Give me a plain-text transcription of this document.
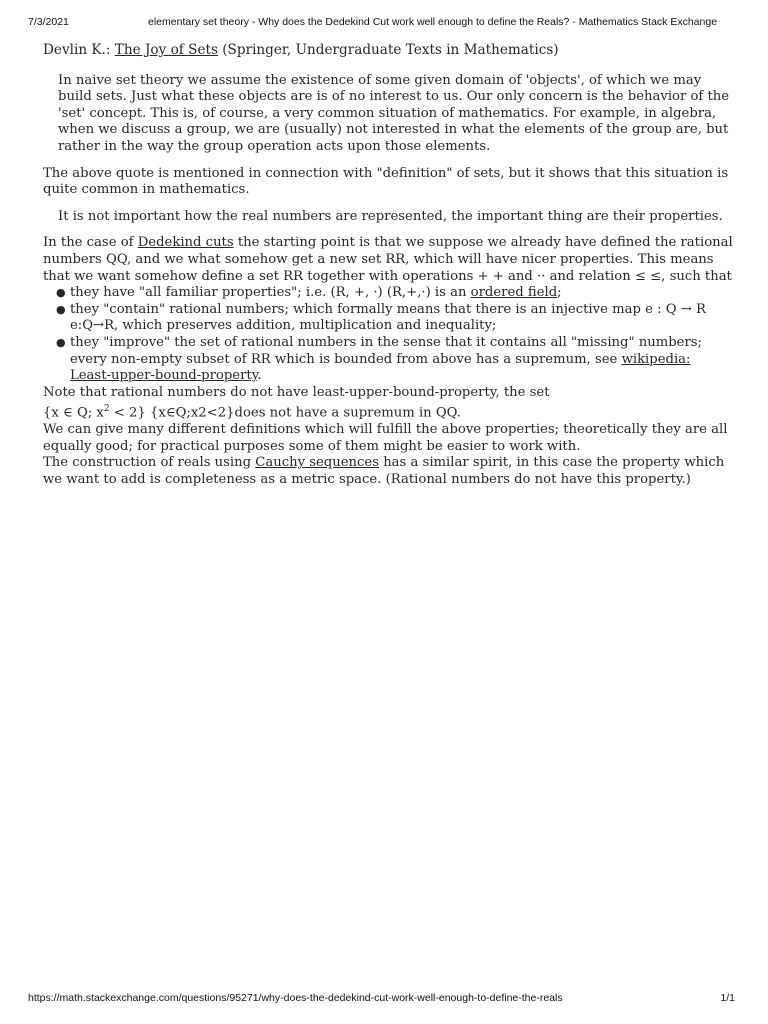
7/3/2021	elementary set theory - Why does the Dedekind Cut work well enough to define the Reals? - Mathematics Stack Exchange

Devlin K.: The Joy of Sets (Springer, Undergraduate Texts in Mathematics)

In naive set theory we assume the existence of some given domain of 'objects', of which we may build sets. Just what these objects are is of no interest to us. Our only concern is the behavior of the 'set' concept. This is, of course, a very common situation of mathematics. For example, in algebra, when we discuss a group, we are (usually) not interested in what the elements of the group are, but rather in the way the group operation acts upon those elements.

The above quote is mentioned in connection with "definition" of sets, but it shows that this situation is quite common in mathematics.

It is not important how the real numbers are represented, the important thing are their properties.

In the case of Dedekind cuts the starting point is that we suppose we already have defined the rational numbers QQ, and we what somehow get a new set RR, which will have nicer properties. This means that we want somehow define a set RR together with operations + + and ·· and relation ≤ ≤, such that

● they have "all familiar properties"; i.e. (R, +, ·) (R,+,·) is an ordered field;
● they "contain" rational numbers; which formally means that there is an injective map e : Q → R e:Q→R, which preserves addition, multiplication and inequality;
● they "improve" the set of rational numbers in the sense that it contains all "missing" numbers; every non-empty subset of RR which is bounded from above has a supremum, see wikipedia: Least-upper-bound-property.

Note that rational numbers do not have least-upper-bound-property, the set

{x ∈ Q; $x^2 < 2$} {x∈Q;x2<2}does not have a supremum in QQ.

We can give many different definitions which will fulfill the above properties; theoretically they are all equally good; for practical purposes some of them might be easier to work with.

The construction of reals using Cauchy sequences has a similar spirit, in this case the property which we want to add is completeness as a metric space. (Rational numbers do not have this property.)

https://math.stackexchange.com/questions/95271/why-does-the-dedekind-cut-work-well-enough-to-define-the-reals	1/1
